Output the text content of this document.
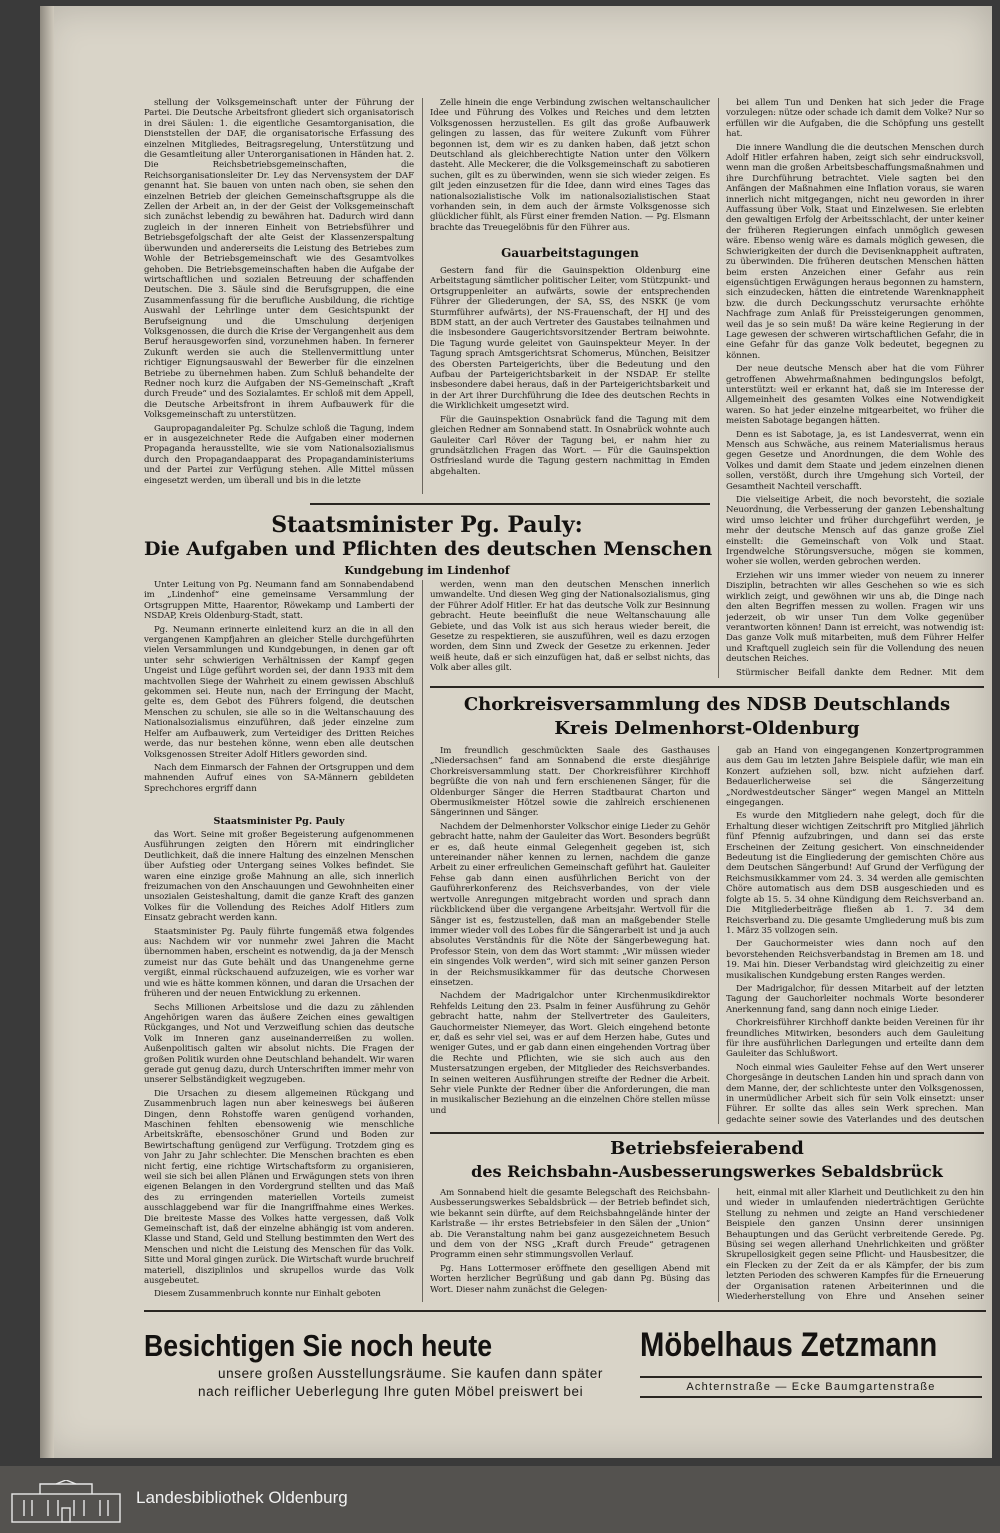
stellung der Volksgemeinschaft unter der Führung der Partei. Die Deutsche Arbeitsfront gliedert sich organisatorisch in drei Säulen: 1. die eigentliche Gesamtorganisation, die Dienststellen der DAF, die organisatorische Erfassung des einzelnen Mitgliedes, Beitragsregelung, Unterstützung und die Gesamtleitung aller Unterorganisationen in Händen hat. 2. Die Reichsbetriebsgemeinschaften, die Reichsorganisationsleiter Dr. Ley das Nervensystem der DAF genannt hat. Sie bauen von unten nach oben, sie sehen den einzelnen Betrieb der gleichen Gemeinschaftsgruppe als die Zellen der Arbeit an, in der der Geist der Volksgemeinschaft sich zunächst lebendig zu bewähren hat. Dadurch wird dann zugleich in der inneren Einheit von Betriebsführer und Betriebsgefolgschaft der alte Geist der Klassenzerspaltung überwunden und andererseits die Leistung des Betriebes zum Wohle der Betriebsgemeinschaft wie des Gesamtvolkes gehoben. Die Betriebsgemeinschaften haben die Aufgabe der wirtschaftlichen und sozialen Betreuung der schaffenden Deutschen. Die 3. Säule sind die Berufsgruppen, die eine Zusammenfassung für die berufliche Ausbildung, die richtige Auswahl der Lehrlinge unter dem Gesichtspunkt der Berufseignung und die Umschulung derjenigen Volksgenossen, die durch die Krise der Vergangenheit aus dem Beruf herausgeworfen sind, vorzunehmen haben. In fernerer Zukunft werden sie auch die Stellenvermittlung unter richtiger Eignungsauswahl der Bewerber für die einzelnen Betriebe zu übernehmen haben. Zum Schluß behandelte der Redner noch kurz die Aufgaben der NS-Gemeinschaft „Kraft durch Freude“ und des Sozialamtes. Er schloß mit dem Appell, die Deutsche Arbeitsfront in ihrem Aufbauwerk für die Volksgemeinschaft zu unterstützen.

Gaupropagandaleiter Pg. Schulze schloß die Tagung, indem er in ausgezeichneter Rede die Aufgaben einer modernen Propaganda herausstellte, wie sie vom Nationalsozialismus durch den Propagandaapparat des Propagandaministeriums und der Partei zur Verfügung stehen. Alle Mittel müssen eingesetzt werden, um überall und bis in die letzte

Zelle hinein die enge Verbindung zwischen weltanschaulicher Idee und Führung des Volkes und Reiches und dem letzten Volksgenossen herzustellen. Es gilt das große Aufbauwerk gelingen zu lassen, das für weitere Zukunft vom Führer begonnen ist, dem wir es zu danken haben, daß jetzt schon Deutschland als gleichberechtigte Nation unter den Völkern dasteht. Alle Meckerer, die die Volksgemeinschaft zu sabotieren suchen, gilt es zu überwinden, wenn sie sich wieder zeigen. Es gilt jeden einzusetzen für die Idee, dann wird eines Tages das nationalsozialistische Volk im nationalsozialistischen Staat vorhanden sein, in dem auch der ärmste Volksgenosse sich glücklicher fühlt, als Fürst einer fremden Nation. — Pg. Elsmann brachte das Treuegelöbnis für den Führer aus.

Gauarbeitstagungen

Gestern fand für die Gauinspektion Oldenburg eine Arbeitstagung sämtlicher politischer Leiter, vom Stützpunkt- und Ortsgruppenleiter an aufwärts, sowie der entsprechenden Führer der Gliederungen, der SA, SS, des NSKK (je vom Sturmführer aufwärts), der NS-Frauenschaft, der HJ und des BDM statt, an der auch Vertreter des Gaustabes teilnahmen und die insbesondere Gaugerichtsvorsitzender Bertram beiwohnte. Die Tagung wurde geleitet von Gauinspekteur Meyer. In der Tagung sprach Amtsgerichtsrat Schomerus, München, Beisitzer des Obersten Parteigerichts, über die Bedeutung und den Aufbau der Parteigerichtsbarkeit in der NSDAP. Er stellte insbesondere dabei heraus, daß in der Parteigerichtsbarkeit und in der Art ihrer Durchführung die Idee des deutschen Rechts in die Wirklichkeit umgesetzt wird.

Für die Gauinspektion Osnabrück fand die Tagung mit dem gleichen Redner am Sonnabend statt. In Osnabrück wohnte auch Gauleiter Carl Röver der Tagung bei, er nahm hier zu grundsätzlichen Fragen das Wort. — Für die Gauinspektion Ostfriesland wurde die Tagung gestern nachmittag in Emden abgehalten.

bei allem Tun und Denken hat sich jeder die Frage vorzulegen: nütze oder schade ich damit dem Volke? Nur so erfüllen wir die Aufgaben, die die Schöpfung uns gestellt hat.

Die innere Wandlung die die deutschen Menschen durch Adolf Hitler erfahren haben, zeigt sich sehr eindrucksvoll, wenn man die großen Arbeitsbeschaffungsmaßnahmen und ihre Durchführung betrachtet. Viele sagten bei den Anfängen der Maßnahmen eine Inflation voraus, sie waren innerlich nicht mitgegangen, nicht neu geworden in ihrer Auffassung über Volk, Staat und Einzelwesen. Sie erlebten den gewaltigen Erfolg der Arbeitsschlacht, der unter keiner der früheren Regierungen einfach unmöglich gewesen wäre. Ebenso wenig wäre es damals möglich gewesen, die Schwierigkeiten der durch die Devisenknappheit auftraten, zu überwinden. Die früheren deutschen Menschen hätten beim ersten Anzeichen einer Gefahr aus rein eigensüchtigen Erwägungen heraus begonnen zu hamstern, sich einzudecken, hätten die eintretende Warenknappheit bzw. die durch Deckungsschutz verursachte erhöhte Nachfrage zum Anlaß für Preissteigerungen genommen, weil das je so sein muß! Da wäre keine Regierung in der Lage gewesen der schweren wirtschaftlichen Gefahr, die in eine Gefahr für das ganze Volk bedeutet, begegnen zu können.

Der neue deutsche Mensch aber hat die vom Führer getroffenen Abwehrmaßnahmen bedingungslos befolgt, unterstützt: weil er erkannt hat, daß sie im Interesse der Allgemeinheit des gesamten Volkes eine Notwendigkeit waren. So hat jeder einzelne mitgearbeitet, wo früher die meisten Sabotage begangen hätten.

Denn es ist Sabotage, ja, es ist Landesverrat, wenn ein Mensch aus Schwäche, aus reinem Materialismus heraus gegen Gesetze und Anordnungen, die dem Wohle des Volkes und damit dem Staate und jedem einzelnen dienen sollen, verstößt, durch ihre Umgehung sich Vorteil, der Gesamtheit Nachteil verschafft.

Die vielseitige Arbeit, die noch bevorsteht, die soziale Neuordnung, die Verbesserung der ganzen Lebenshaltung wird umso leichter und früher durchgeführt werden, je mehr der deutsche Mensch auf das ganze große Ziel einstellt: die Gemeinschaft von Volk und Staat. Irgendwelche Störungsversuche, mögen sie kommen, woher sie wollen, werden gebrochen werden.

Erziehen wir uns immer wieder von neuem zu innerer Disziplin, betrachten wir alles Geschehen so wie es sich wirklich zeigt, und gewöhnen wir uns ab, die Dinge nach den alten Begriffen messen zu wollen. Fragen wir uns jederzeit, ob wir unser Tun dem Volke gegenüber verantworten können! Dann ist erreicht, was notwendig ist: Das ganze Volk muß mitarbeiten, muß dem Führer Helfer und Kraftquell zugleich sein für die Vollendung des neuen deutschen Reiches.

Stürmischer Beifall dankte dem Redner. Mit dem

Staatsminister Pg. Pauly:
Die Aufgaben und Pflichten des deutschen Menschen
Kundgebung im Lindenhof

Unter Leitung von Pg. Neumann fand am Sonnabendabend im „Lindenhof“ eine gemeinsame Versammlung der Ortsgruppen Mitte, Haarentor, Röwekamp und Lamberti der NSDAP, Kreis Oldenburg-Stadt, statt.

Pg. Neumann erinnerte einleitend kurz an die in all den vergangenen Kampfjahren an gleicher Stelle durchgeführten vielen Versammlungen und Kundgebungen, in denen gar oft unter sehr schwierigen Verhältnissen der Kampf gegen Ungeist und Lüge geführt worden sei, der dann 1933 mit dem machtvollen Siege der Wahrheit zu einem gewissen Abschluß gekommen sei. Heute nun, nach der Erringung der Macht, gelte es, dem Gebot des Führers folgend, die deutschen Menschen zu schulen, sie alle so in die Weltanschauung des Nationalsozialismus einzuführen, daß jeder einzelne zum Helfer am Aufbauwerk, zum Verteidiger des Dritten Reiches werde, das nur bestehen könne, wenn eben alle deutschen Volksgenossen Streiter Adolf Hitlers geworden sind.

Nach dem Einmarsch der Fahnen der Ortsgruppen und dem mahnenden Aufruf eines von SA-Männern gebildeten Sprechchores ergriff dann

Staatsminister Pg. Pauly

das Wort. Seine mit großer Begeisterung aufgenommenen Ausführungen zeigten den Hörern mit eindringlicher Deutlichkeit, daß die innere Haltung des einzelnen Menschen über Aufstieg oder Untergang seines Volkes befindet. Sie waren eine einzige große Mahnung an alle, sich innerlich freizumachen von den Anschauungen und Gewohnheiten einer unsozialen Geisteshaltung, damit die ganze Kraft des ganzen Volkes für die Vollendung des Reiches Adolf Hitlers zum Einsatz gebracht werden kann.

Staatsminister Pg. Pauly führte fungemäß etwa folgendes aus: Nachdem wir vor nunmehr zwei Jahren die Macht übernommen haben, erscheint es notwendig, da ja der Mensch zumeist nur das Gute behält und das Unangenehme gerne vergißt, einmal rückschauend aufzuzeigen, wie es vorher war und wie es hätte kommen können, und daran die Ursachen der früheren und der neuen Entwicklung zu erkennen.

Sechs Millionen Arbeitslose und die dazu zu zählenden Angehörigen waren das äußere Zeichen eines gewaltigen Rückganges, und Not und Verzweiflung schien das deutsche Volk im Inneren ganz auseinanderreißen zu wollen. Außenpolitisch galten wir absolut nichts. Die Fragen der großen Politik wurden ohne Deutschland behandelt. Wir waren gerade gut genug dazu, durch Unterschriften immer mehr von unserer Selbständigkeit wegzugeben.

Die Ursachen zu diesem allgemeinen Rückgang und Zusammenbruch lagen nun aber keineswegs bei äußeren Dingen, denn Rohstoffe waren genügend vorhanden, Maschinen fehlten ebensowenig wie menschliche Arbeitskräfte, ebensoschöner Grund und Boden zur Bewirtschaftung genügend zur Verfügung. Trotzdem ging es von Jahr zu Jahr schlechter. Die Menschen brachten es eben nicht fertig, eine richtige Wirtschaftsform zu organisieren, weil sie sich bei allen Plänen und Erwägungen stets von ihren eigenen Belangen in den Vordergrund stellten und das Maß des zu erringenden materiellen Vorteils zumeist ausschlaggebend war für die Inangriffnahme eines Werkes. Die breiteste Masse des Volkes hatte vergessen, daß Volk Gemeinschaft ist, daß der einzelne abhängig ist vom anderen. Klasse und Stand, Geld und Stellung bestimmten den Wert des Menschen und nicht die Leistung des Menschen für das Volk. Sitte und Moral gingen zurück. Die Wirtschaft wurde bruchreif materiell, disziplinlos und skrupellos wurde das Volk ausgebeutet.

Diesem Zusammenbruch konnte nur Einhalt geboten

werden, wenn man den deutschen Menschen innerlich umwandelte. Und diesen Weg ging der Nationalsozialismus, ging der Führer Adolf Hitler. Er hat das deutsche Volk zur Besinnung gebracht. Heute beeinflußt die neue Weltanschauung alle Gebiete, und das Volk ist aus sich heraus wieder bereit, die Gesetze zu respektieren, sie auszuführen, weil es dazu erzogen worden, dem Sinn und Zweck der Gesetze zu erkennen. Jeder weiß heute, daß er sich einzufügen hat, daß er selbst nichts, das Volk aber alles gilt.

Chorkreisversammlung des NDSB Deutschlands
Kreis Delmenhorst-Oldenburg

Im freundlich geschmückten Saale des Gasthauses „Niedersachsen“ fand am Sonnabend die erste diesjährige Chorkreisversammlung statt. Der Chorkreisführer Kirchhoff begrüßte die von nah und fern erschienenen Sänger, für die Oldenburger Sänger die Herren Stadtbaurat Charton und Obermusikmeister Hötzel sowie die zahlreich erschienenen Sängerinnen und Sänger.

Nachdem der Delmenhorster Volkschor einige Lieder zu Gehör gebracht hatte, nahm der Gauleiter das Wort. Besonders begrüßt er es, daß heute einmal Gelegenheit gegeben ist, sich untereinander näher kennen zu lernen, nachdem die ganze Arbeit zu einer erfreulichen Gemeinschaft geführt hat. Gauleiter Fehse gab dann einen ausführlichen Bericht von der Gauführerkonferenz des Reichsverbandes, von der viele wertvolle Anregungen mitgebracht worden und sprach dann rückblickend über die vergangene Arbeitsjahr. Wertvoll für die Sänger ist es, festzustellen, daß man an maßgebender Stelle immer wieder voll des Lobes für die Sängerarbeit ist und ja auch absolutes Verständnis für die Nöte der Sängerbewegung hat. Professor Stein, von dem das Wort stammt: „Wir müssen wieder ein singendes Volk werden“, wird sich mit seiner ganzen Person in der Reichsmusikkammer für das deutsche Chorwesen einsetzen.

Nachdem der Madrigalchor unter Kirchenmusikdirektor Rehfelds Leitung den 23. Psalm in feiner Ausführung zu Gehör gebracht hatte, nahm der Stellvertreter des Gauleiters, Gauchormeister Niemeyer, das Wort. Gleich eingehend betonte er, daß es sehr viel sei, was er auf dem Herzen habe, Gutes und weniger Gutes, und er gab dann einen eingehenden Vortrag über die Rechte und Pflichten, wie sie sich auch aus den Mustersatzungen ergeben, der Mitglieder des Reichsverbandes. In seinen weiteren Ausführungen streifte der Redner die Arbeit. Sehr viele Punkte der Redner über die Anforderungen, die man in musikalischer Beziehung an die einzelnen Chöre stellen müsse und

gab an Hand von eingegangenen Konzertprogrammen aus dem Gau im letzten Jahre Beispiele dafür, wie man ein Konzert aufziehen soll, bzw. nicht aufziehen darf. Bedauerlicherweise sei die Sängerzeitung „Nordwestdeutscher Sänger“ wegen Mangel an Mitteln eingegangen.

Es wurde den Mitgliedern nahe gelegt, doch für die Erhaltung dieser wichtigen Zeitschrift pro Mitglied jährlich fünf Pfennig aufzubringen, und dann sei das erste Erscheinen der Zeitung gesichert. Von einschneidender Bedeutung ist die Eingliederung der gemischten Chöre aus dem Deutschen Sängerbund! Auf Grund der Verfügung der Reichsmusikkammer vom 24. 3. 34 werden alle gemischten Chöre automatisch aus dem DSB ausgeschieden und es folgte ab 15. 5. 34 ohne Kündigung dem Reichsverband an. Die Mitgliederbeiträge fließen ab 1. 7. 34 dem Reichsverband zu. Die gesamte Umgliederung muß bis zum 1. März 35 vollzogen sein.

Der Gauchormeister wies dann noch auf den bevorstehenden Reichsverbandstag in Bremen am 18. und 19. Mai hin. Dieser Verbandstag wird gleichzeitig zu einer musikalischen Kundgebung ersten Ranges werden.

Der Madrigalchor, für dessen Mitarbeit auf der letzten Tagung der Gauchorleiter nochmals Worte besonderer Anerkennung fand, sang dann noch einige Lieder.

Chorkreisführer Kirchhoff dankte beiden Vereinen für ihr freundliches Mitwirken, besonders auch dem Gauleitung für ihre ausführlichen Darlegungen und erteilte dann dem Gauleiter das Schlußwort.

Noch einmal wies Gauleiter Fehse auf den Wert unserer Chorgesänge in deutschen Landen hin und sprach dann von dem Manne, der, der schlichteste unter den Volksgenossen, in unermüdlicher Arbeit sich für sein Volk einsetzt: unser Führer. Er sollte das alles sein Werk sprechen. Man gedachte seiner sowie des Vaterlandes und des deutschen

Betriebsfeierabend
des Reichsbahn-Ausbesserungswerkes Sebaldsbrück

Am Sonnabend hielt die gesamte Belegschaft des Reichsbahn-Ausbesserungswerkes Sebaldsbrück — der Betrieb befindet sich, wie bekannt sein dürfte, auf dem Reichsbahngelände hinter der Karlstraße — ihr erstes Betriebsfeier in den Sälen der „Union“ ab. Die Veranstaltung nahm bei ganz ausgezeichnetem Besuch und dem von der NSG „Kraft durch Freude“ getragenen Programm einen sehr stimmungsvollen Verlauf.

Pg. Hans Lottermoser eröffnete den geselligen Abend mit Worten herzlicher Begrüßung und gab dann Pg. Büsing das Wort. Dieser nahm zunächst die Gelegen-

heit, einmal mit aller Klarheit und Deutlichkeit zu den hin und wieder in umlaufenden niederträchtigen Gerüchte Stellung zu nehmen und zeigte an Hand verschiedener Beispiele den ganzen Unsinn derer unsinnigen Behauptungen und das Gerücht verbreitende Gerede. Pg. Büsing sei wegen allerhand Unehrlichkeiten und größter Skrupellosigkeit gegen seine Pflicht- und Hausbesitzer, die ein Flecken zu der Zeit da er als Kämpfer, der bis zum letzten Perioden des schweren Kampfes für die Erneuerung der Organisation ratenen Arbeiterinnen und die Wiederherstellung von Ehre und Ansehen seiner

Besichtigen Sie noch heute
unsere großen Ausstellungsräume. Sie kaufen dann später
nach reiflicher Ueberlegung Ihre guten Möbel preiswert bei
Möbelhaus Zetzmann
Achternstraße — Ecke Baumgartenstraße
Landesbibliothek Oldenburg
